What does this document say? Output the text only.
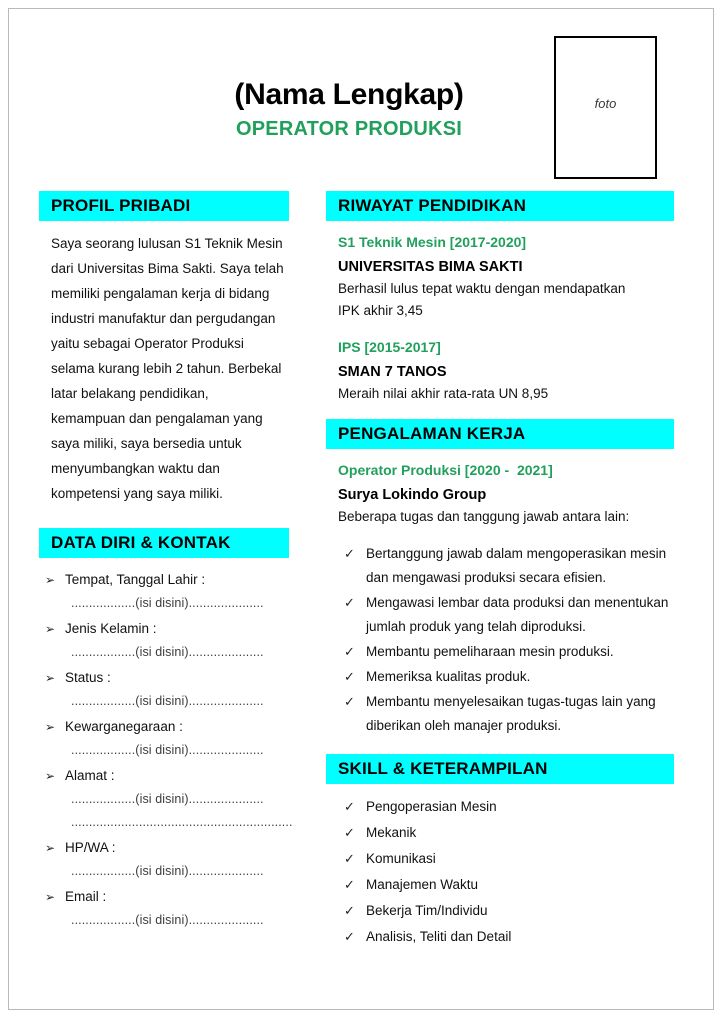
(Nama Lengkap)
OPERATOR PRODUKSI
foto
PROFIL PRIBADI
Saya seorang lulusan S1 Teknik Mesin dari Universitas Bima Sakti. Saya telah memiliki pengalaman kerja di bidang industri manufaktur dan pergudangan yaitu sebagai Operator Produksi selama kurang lebih 2 tahun. Berbekal latar belakang pendidikan, kemampuan dan pengalaman yang saya miliki, saya bersedia untuk menyumbangkan waktu dan kompetensi yang saya miliki.
DATA DIRI & KONTAK
➢ Tempat, Tanggal Lahir :
..................(isi disini).....................
➢ Jenis Kelamin :
..................(isi disini).....................
➢ Status :
..................(isi disini).....................
➢ Kewarganegaraan :
..................(isi disini).....................
➢ Alamat :
..................(isi disini).....................
..............................................................
➢ HP/WA :
..................(isi disini).....................
➢ Email :
..................(isi disini).....................
RIWAYAT PENDIDIKAN
S1 Teknik Mesin [2017-2020]
UNIVERSITAS BIMA SAKTI
Berhasil lulus tepat waktu dengan mendapatkan
IPK akhir 3,45
IPS [2015-2017]
SMAN 7 TANOS
Meraih nilai akhir rata-rata UN 8,95
PENGALAMAN KERJA
Operator Produksi [2020 -  2021]
Surya Lokindo Group
Beberapa tugas dan tanggung jawab antara lain:
✓ Bertanggung jawab dalam mengoperasikan mesin dan mengawasi produksi secara efisien.
✓ Mengawasi lembar data produksi dan menentukan jumlah produk yang telah diproduksi.
✓ Membantu pemeliharaan mesin produksi.
✓ Memeriksa kualitas produk.
✓ Membantu menyelesaikan tugas-tugas lain yang diberikan oleh manajer produksi.
SKILL & KETERAMPILAN
✓ Pengoperasian Mesin
✓ Mekanik
✓ Komunikasi
✓ Manajemen Waktu
✓ Bekerja Tim/Individu
✓ Analisis, Teliti dan Detail
